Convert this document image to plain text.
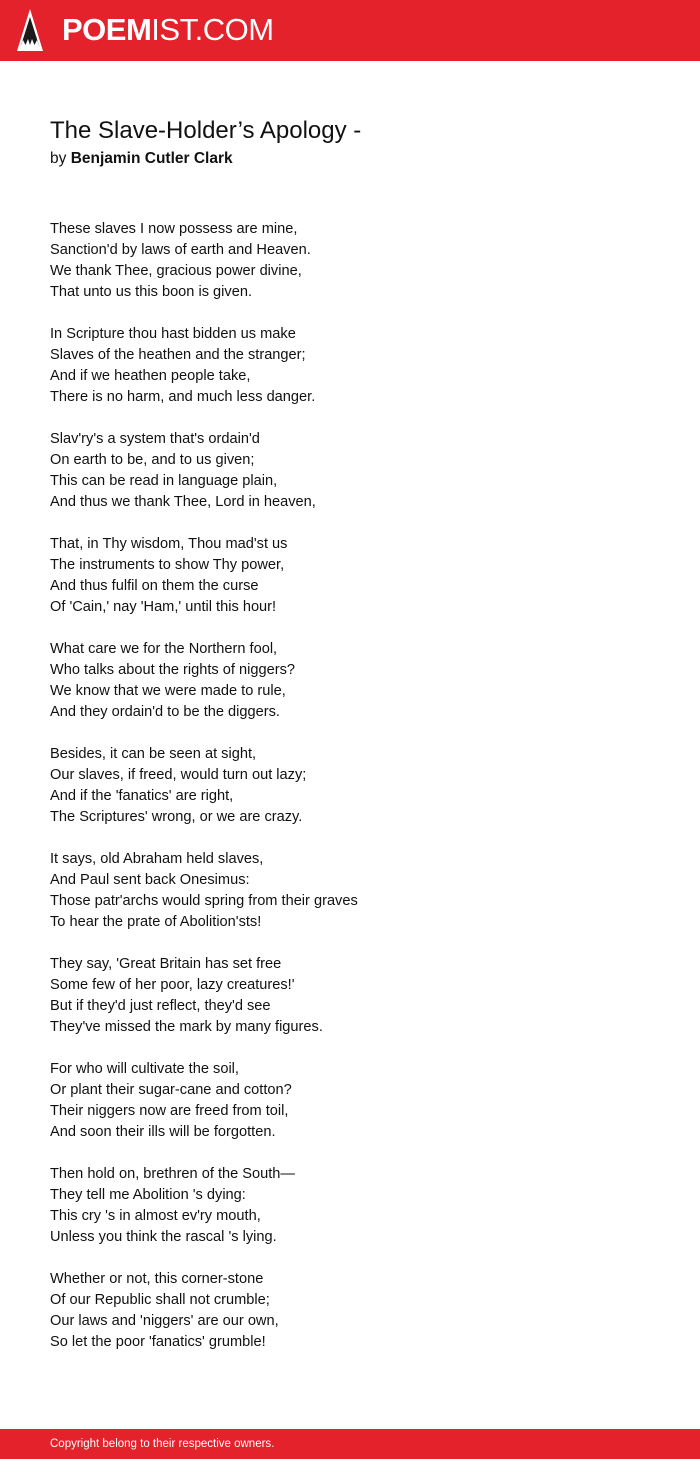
POEMIST.COM
The Slave-Holder’s Apology -
by Benjamin Cutler Clark

These slaves I now possess are mine,
Sanction'd by laws of earth and Heaven.
We thank Thee, gracious power divine,
That unto us this boon is given.

In Scripture thou hast bidden us make
Slaves of the heathen and the stranger;
And if we heathen people take,
There is no harm, and much less danger.

Slav'ry's a system that's ordain'd
On earth to be, and to us given;
This can be read in language plain,
And thus we thank Thee, Lord in heaven,

That, in Thy wisdom, Thou mad'st us
The instruments to show Thy power,
And thus fulfil on them the curse
Of 'Cain,' nay 'Ham,' until this hour!

What care we for the Northern fool,
Who talks about the rights of niggers?
We know that we were made to rule,
And they ordain'd to be the diggers.

Besides, it can be seen at sight,
Our slaves, if freed, would turn out lazy;
And if the 'fanatics' are right,
The Scriptures' wrong, or we are crazy.

It says, old Abraham held slaves,
And Paul sent back Onesimus:
Those patr'archs would spring from their graves
To hear the prate of Abolition'sts!

They say, 'Great Britain has set free
Some few of her poor, lazy creatures!'
But if they'd just reflect, they'd see
They've missed the mark by many figures.

For who will cultivate the soil,
Or plant their sugar-cane and cotton?
Their niggers now are freed from toil,
And soon their ills will be forgotten.

Then hold on, brethren of the South—
They tell me Abolition 's dying:
This cry 's in almost ev'ry mouth,
Unless you think the rascal 's lying.

Whether or not, this corner-stone
Of our Republic shall not crumble;
Our laws and 'niggers' are our own,
So let the poor 'fanatics' grumble!

Copyright belong to their respective owners.
